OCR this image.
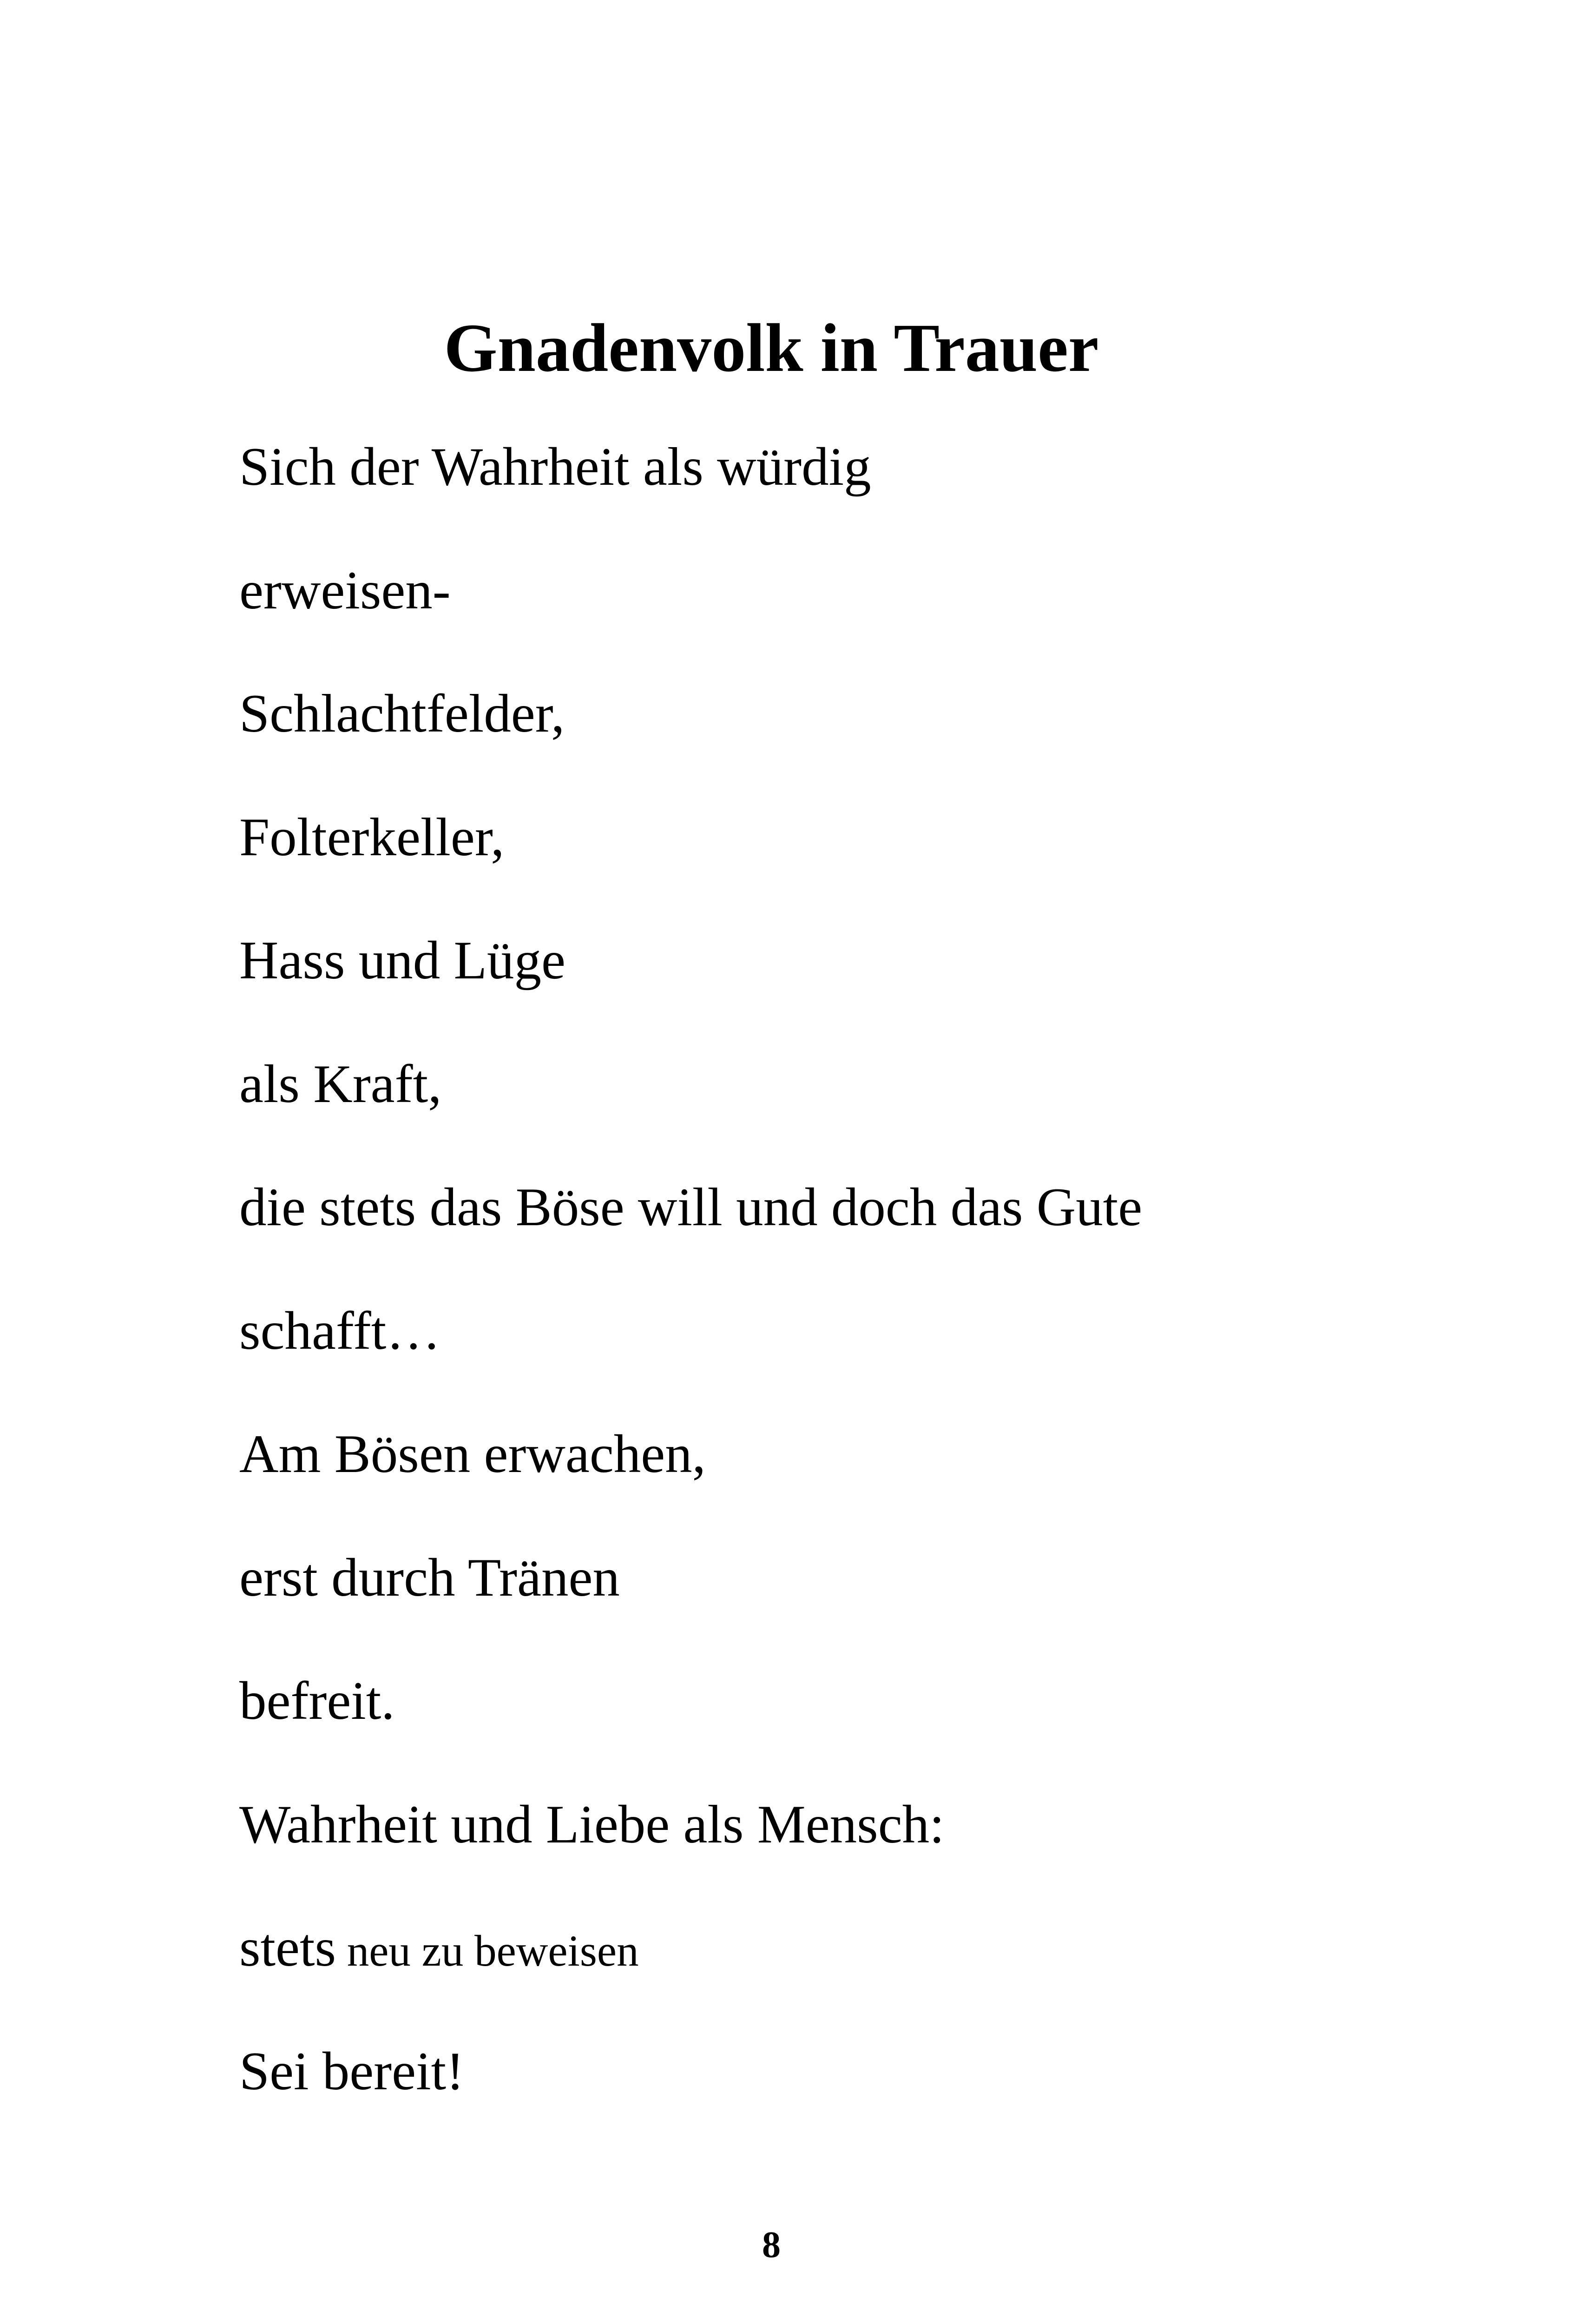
Gnadenvolk in Trauer
Sich der Wahrheit als würdig
erweisen-
Schlachtfelder,
Folterkeller,
Hass und Lüge
als Kraft,
die stets das Böse will und doch das Gute
schafft…
Am Bösen erwachen,
erst durch Tränen
befreit.
Wahrheit und Liebe als Mensch:
stets neu zu beweisen
Sei bereit!
8
